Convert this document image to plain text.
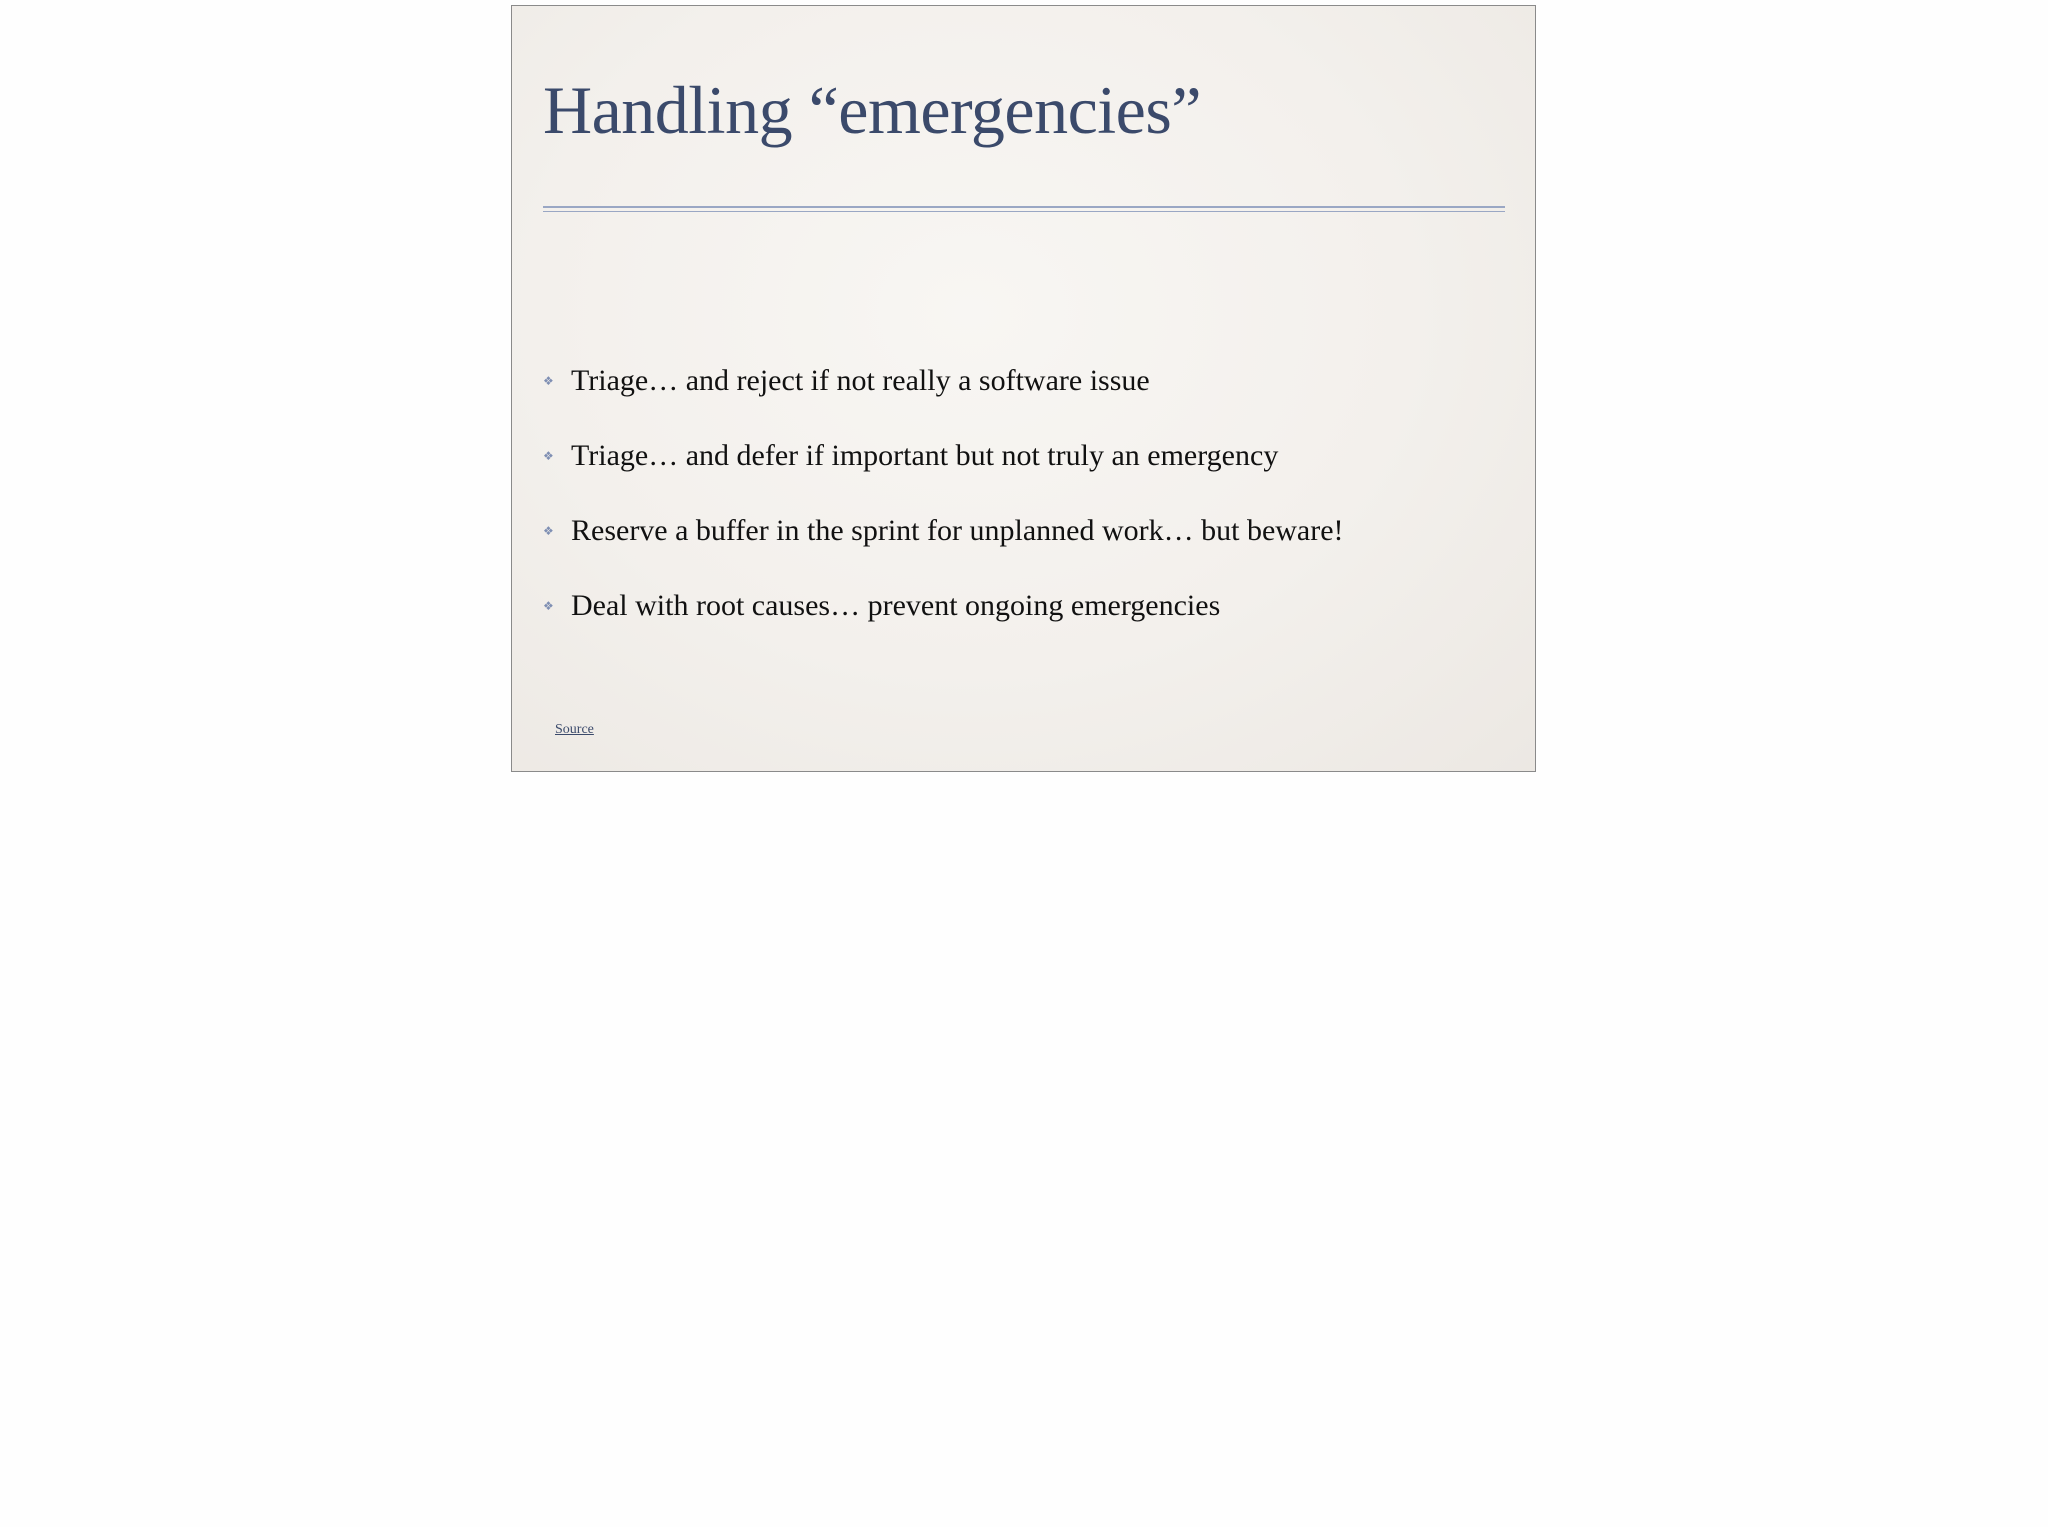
Handling “emergencies”
❖ Triage… and reject if not really a software issue
❖ Triage… and defer if important but not truly an emergency
❖ Reserve a buffer in the sprint for unplanned work… but beware!
❖ Deal with root causes… prevent ongoing emergencies
Source
